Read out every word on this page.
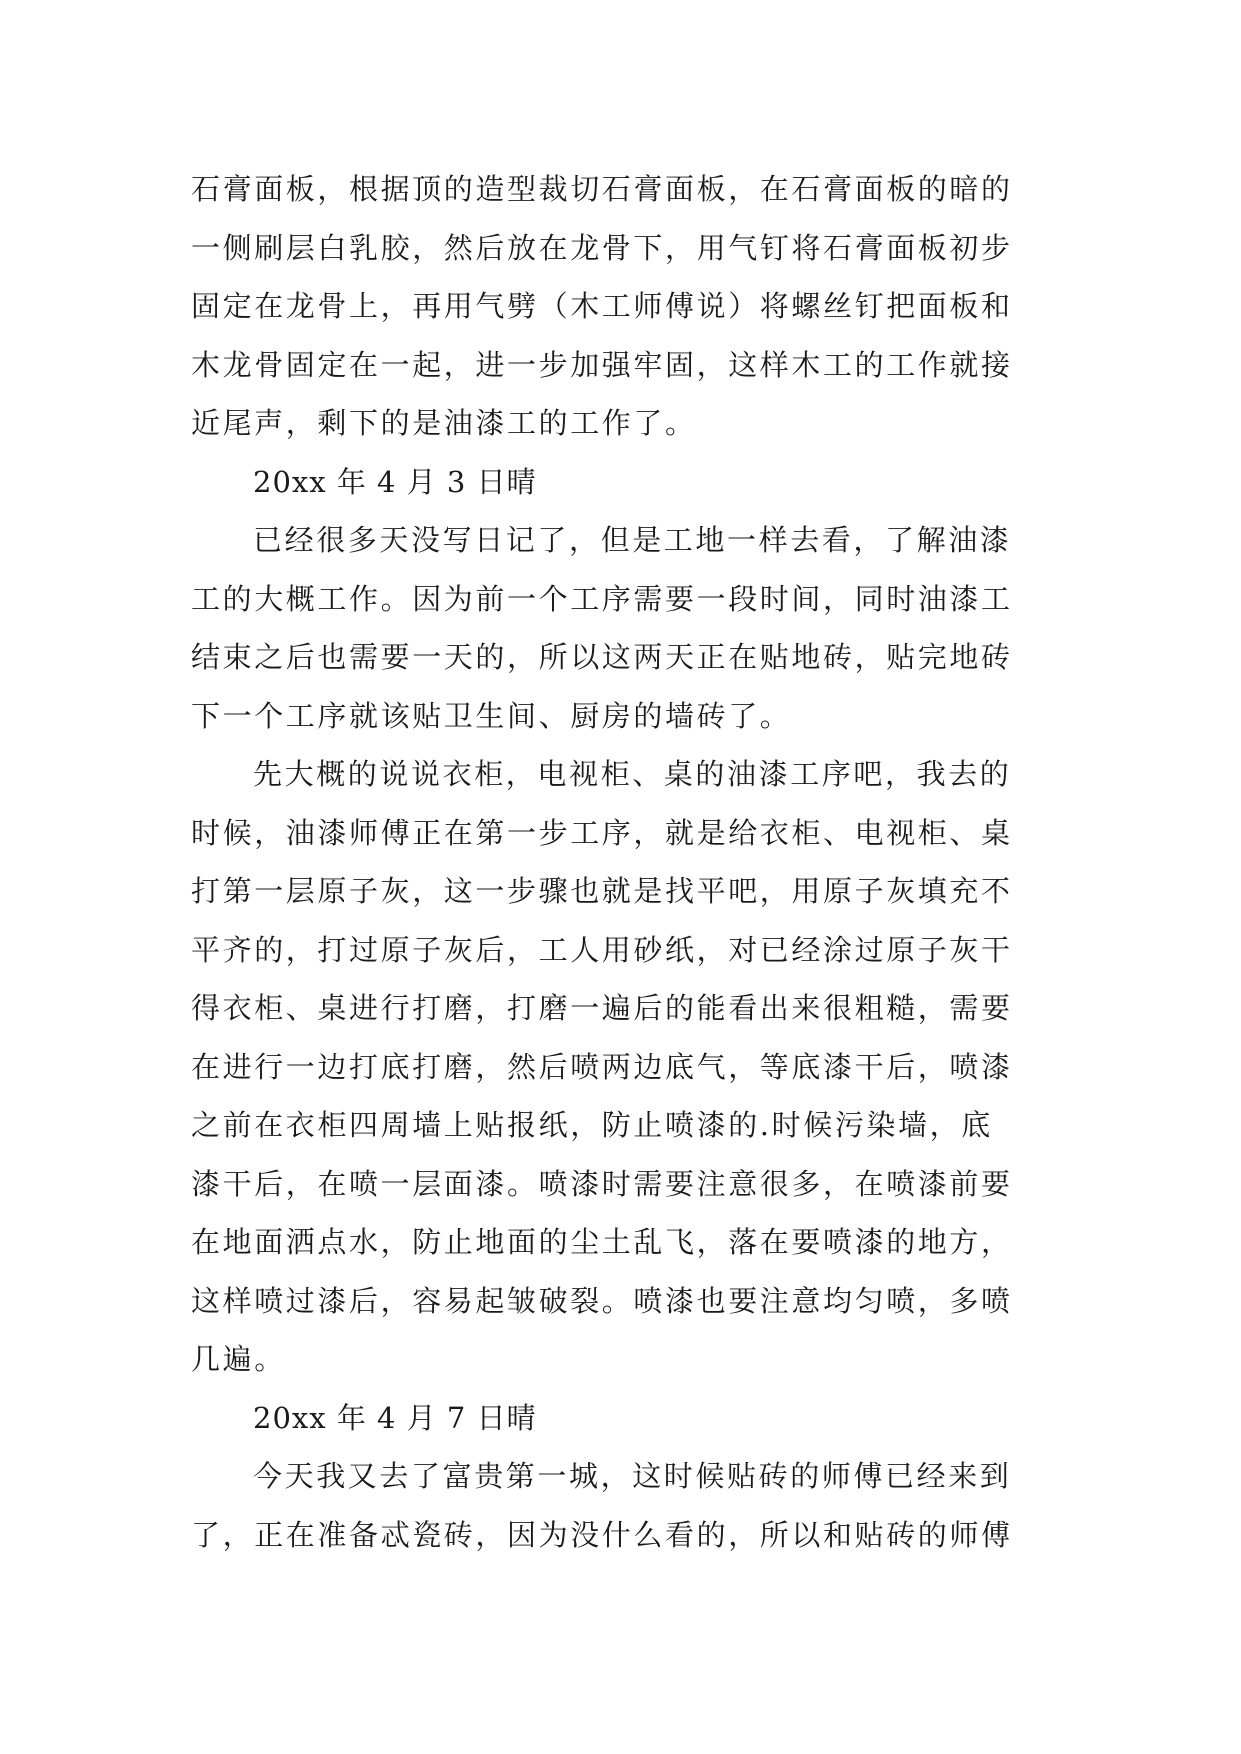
石膏面板，根据顶的造型裁切石膏面板，在石膏面板的暗的
一侧刷层白乳胶，然后放在龙骨下，用气钉将石膏面板初步
固定在龙骨上，再用气劈（木工师傅说）将螺丝钉把面板和
木龙骨固定在一起，进一步加强牢固，这样木工的工作就接
近尾声，剩下的是油漆工的工作了。
20xx 年 4 月 3 日晴
已经很多天没写日记了，但是工地一样去看，了解油漆
工的大概工作。因为前一个工序需要一段时间，同时油漆工
结束之后也需要一天的，所以这两天正在贴地砖，贴完地砖
下一个工序就该贴卫生间、厨房的墙砖了。
先大概的说说衣柜，电视柜、桌的油漆工序吧，我去的
时候，油漆师傅正在第一步工序，就是给衣柜、电视柜、桌
打第一层原子灰，这一步骤也就是找平吧，用原子灰填充不
平齐的，打过原子灰后，工人用砂纸，对已经涂过原子灰干
得衣柜、桌进行打磨，打磨一遍后的能看出来很粗糙，需要
在进行一边打底打磨，然后喷两边底气，等底漆干后，喷漆
之前在衣柜四周墙上贴报纸，防止喷漆的.时候污染墙，底
漆干后，在喷一层面漆。喷漆时需要注意很多，在喷漆前要
在地面洒点水，防止地面的尘土乱飞，落在要喷漆的地方，
这样喷过漆后，容易起皱破裂。喷漆也要注意均匀喷，多喷
几遍。
20xx 年 4 月 7 日晴
今天我又去了富贵第一城，这时候贴砖的师傅已经来到
了，正在准备忒瓷砖，因为没什么看的，所以和贴砖的师傅
